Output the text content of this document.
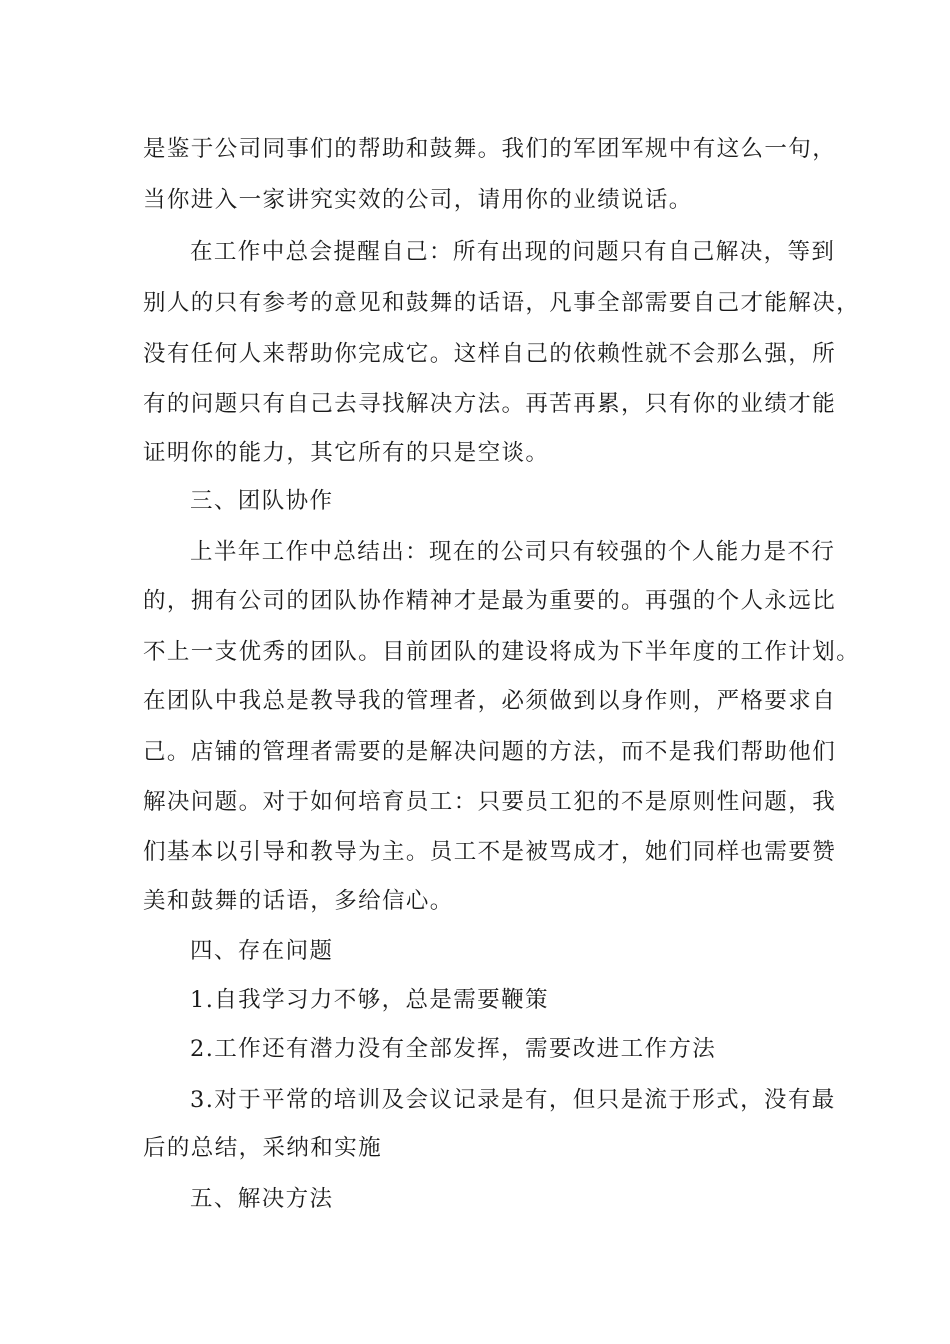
是鉴于公司同事们的帮助和鼓舞。我们的军团军规中有这么一句，
当你进入一家讲究实效的公司，请用你的业绩说话。
在工作中总会提醒自己：所有出现的问题只有自己解决，等到
别人的只有参考的意见和鼓舞的话语，凡事全部需要自己才能解决，
没有任何人来帮助你完成它。这样自己的依赖性就不会那么强，所
有的问题只有自己去寻找解决方法。再苦再累，只有你的业绩才能
证明你的能力，其它所有的只是空谈。
三、团队协作
上半年工作中总结出：现在的公司只有较强的个人能力是不行
的，拥有公司的团队协作精神才是最为重要的。再强的个人永远比
不上一支优秀的团队。目前团队的建设将成为下半年度的工作计划。
在团队中我总是教导我的管理者，必须做到以身作则，严格要求自
己。店铺的管理者需要的是解决问题的方法，而不是我们帮助他们
解决问题。对于如何培育员工：只要员工犯的不是原则性问题，我
们基本以引导和教导为主。员工不是被骂成才，她们同样也需要赞
美和鼓舞的话语，多给信心。
四、存在问题
1.自我学习力不够，总是需要鞭策
2.工作还有潜力没有全部发挥，需要改进工作方法
3.对于平常的培训及会议记录是有，但只是流于形式，没有最
后的总结，采纳和实施
五、解决方法
